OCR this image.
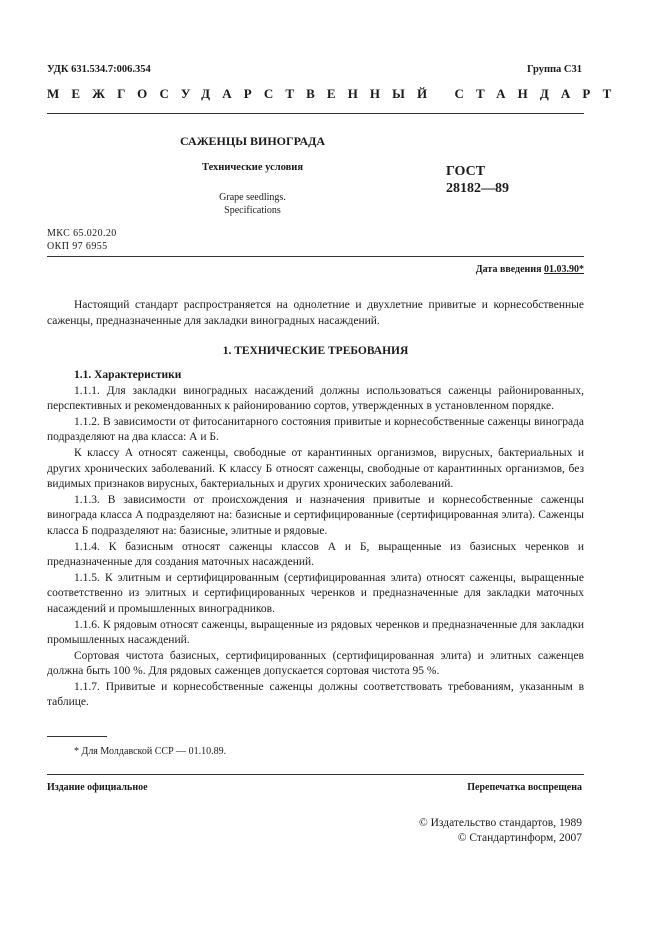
УДК 631.534.7:006.354	Группа С31
МЕЖГОСУДАРСТВЕННЫЙ СТАНДАРТ
САЖЕНЦЫ ВИНОГРАДА
Технические условия
Grape seedlings.
Specifications
ГОСТ
28182—89
МКС 65.020.20
ОКП 97 6955
Дата введения 01.03.90*

Настоящий стандарт распространяется на однолетние и двухлетние привитые и корнесобственные саженцы, предназначенные для закладки виноградных насаждений.

1. ТЕХНИЧЕСКИЕ ТРЕБОВАНИЯ

1.1. Характеристики

1.1.1. Для закладки виноградных насаждений должны использоваться саженцы районированных, перспективных и рекомендованных к районированию сортов, утвержденных в установленном порядке.

1.1.2. В зависимости от фитосанитарного состояния привитые и корнесобственные саженцы винограда подразделяют на два класса: А и Б.

К классу А относят саженцы, свободные от карантинных организмов, вирусных, бактериальных и других хронических заболеваний. К классу Б относят саженцы, свободные от карантинных организмов, без видимых признаков вирусных, бактериальных и других хронических заболеваний.

1.1.3. В зависимости от происхождения и назначения привитые и корнесобственные саженцы винограда класса А подразделяют на: базисные и сертифицированные (сертифицированная элита). Саженцы класса Б подразделяют на: базисные, элитные и рядовые.

1.1.4. К базисным относят саженцы классов А и Б, выращенные из базисных черенков и предназначенные для создания маточных насаждений.

1.1.5. К элитным и сертифицированным (сертифицированная элита) относят саженцы, выращенные соответственно из элитных и сертифицированных черенков и предназначенные для закладки маточных насаждений и промышленных виноградников.

1.1.6. К рядовым относят саженцы, выращенные из рядовых черенков и предназначенные для закладки промышленных насаждений.

Сортовая чистота базисных, сертифицированных (сертифицированная элита) и элитных саженцев должна быть 100 %. Для рядовых саженцев допускается сортовая чистота 95 %.

1.1.7. Привитые и корнесобственные саженцы должны соответствовать требованиям, указанным в таблице.

* Для Молдавской ССР — 01.10.89.
Издание официальное	Перепечатка воспрещена
© Издательство стандартов, 1989
© Стандартинформ, 2007
